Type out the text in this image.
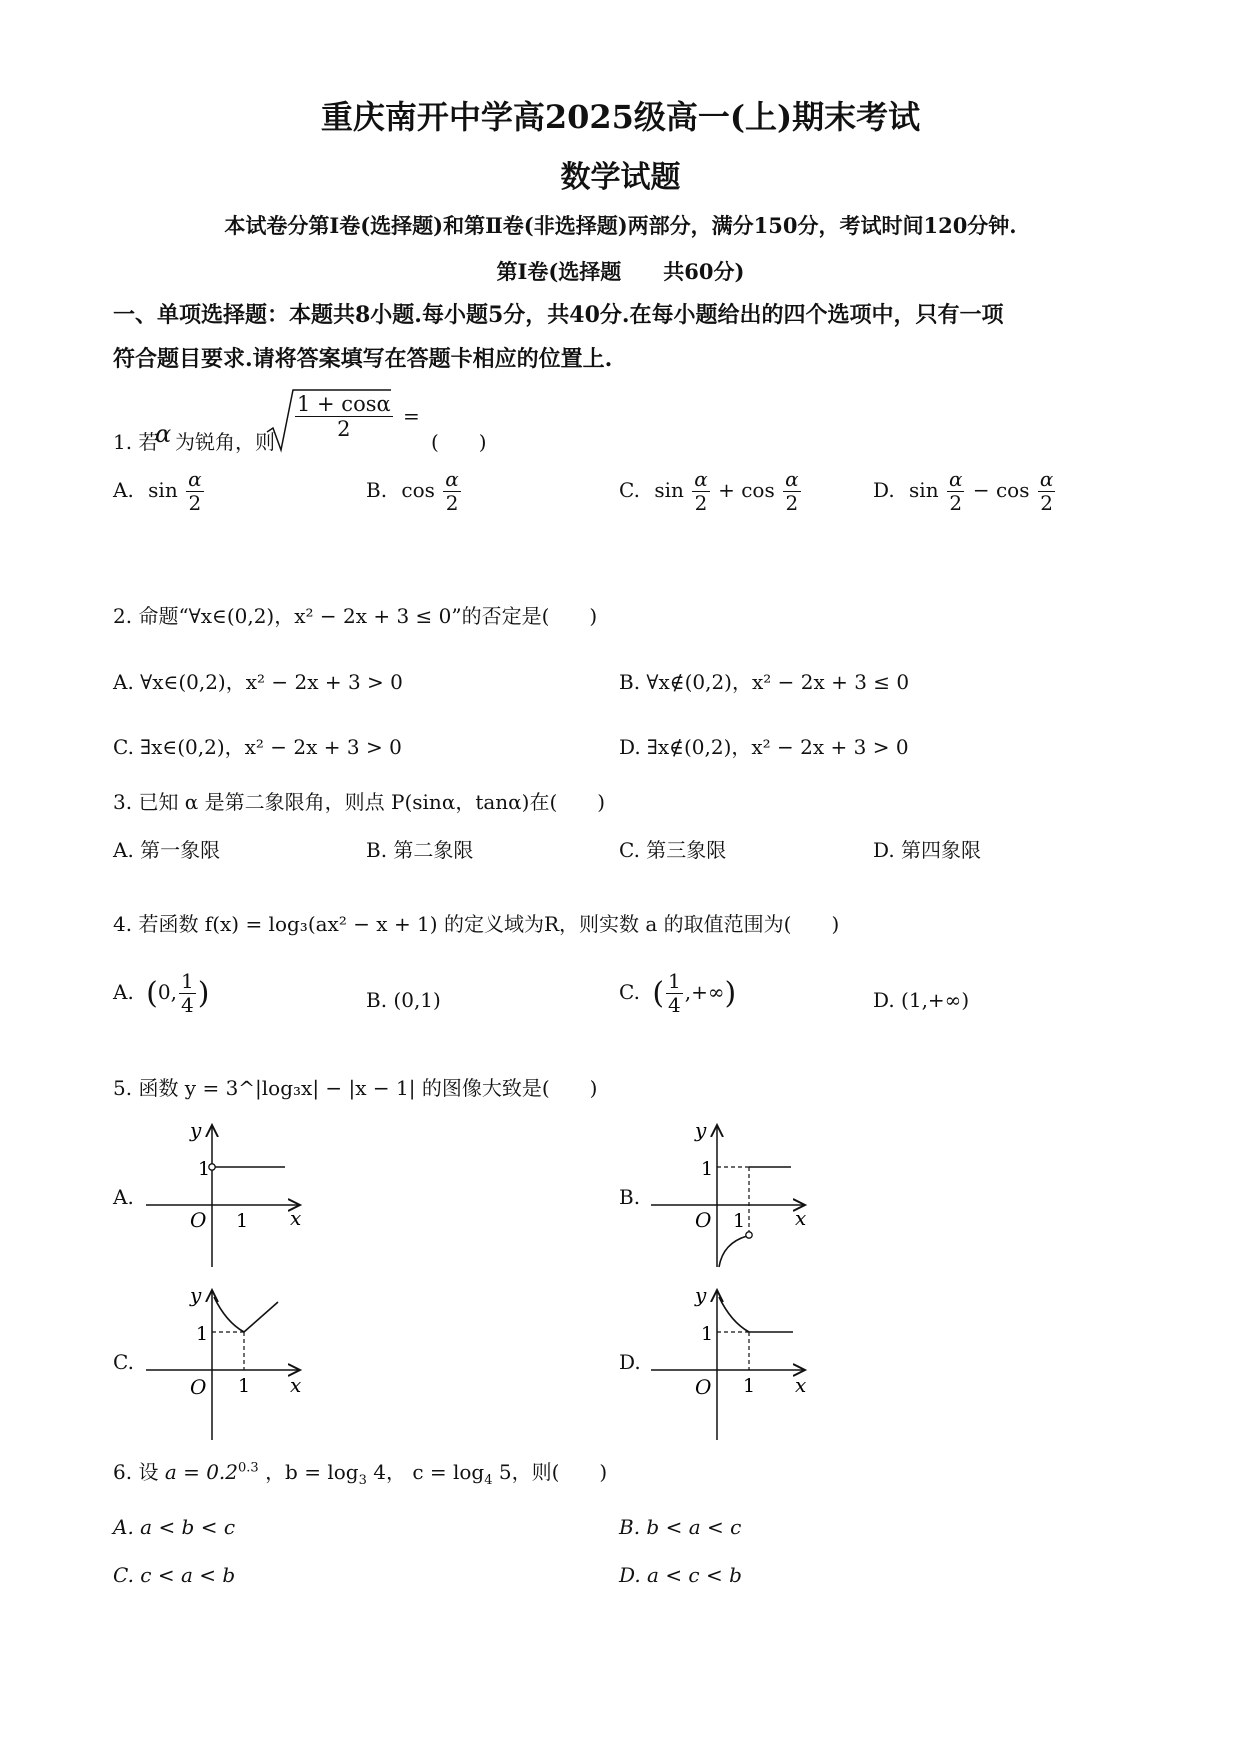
重庆南开中学高2025级高一(上)期末考试
数学试题
本试卷分第Ⅰ卷(选择题)和第Ⅱ卷(非选择题)两部分，满分150分，考试时间120分钟.
第Ⅰ卷(选择题　　共60分)
一、单项选择题：本题共8小题.每小题5分，共40分.在每小题给出的四个选项中，只有一项
符合题目要求.请将答案填写在答题卡相应的位置上.
1. 若
α 为锐角，则
$\frac{1 + \cos\alpha}{2}$ =
(　　)
A. $\sin \frac{\alpha}{2}$	B. $\cos \frac{\alpha}{2}$	C. $\sin \frac{\alpha}{2} + \cos \frac{\alpha}{2}$	D. $\sin \frac{\alpha}{2} - \cos \frac{\alpha}{2}$
2. 命题“∀x∈(0,2)，x² − 2x + 3 ≤ 0”的否定是(　　)
A. ∀x∈(0,2)，x² − 2x + 3 > 0	B. ∀x∉(0,2)，x² − 2x + 3 ≤ 0
C. ∃x∈(0,2)，x² − 2x + 3 > 0	D. ∃x∉(0,2)，x² − 2x + 3 > 0
3. 已知 α 是第二象限角，则点 P(sinα，tanα)在(　　)
A. 第一象限	B. 第二象限	C. 第三象限	D. 第四象限
4. 若函数 f(x) = log₃(ax² − x + 1) 的定义域为R，则实数 a 的取值范围为(　　)
A. (0, $\frac{1}{4}$ )	B. (0,1)	C. ( $\frac{1}{4}$ ,+∞)	D. (1,+∞)
5. 函数 y = 3^|log₃x| − |x − 1| 的图像大致是(　　)
A.
y
x
O
1
1
B.
y
x
O
1
1
C.
y
x
O
1
1
D.
y
x
O
1
1
6. 设 $a = 0.2^{0.3}$ ，$b = \log_3 4$， $c = \log_4 5$，则(　　)
A. a < b < c	B. b < a < c
C. c < a < b	D. a < c < b
